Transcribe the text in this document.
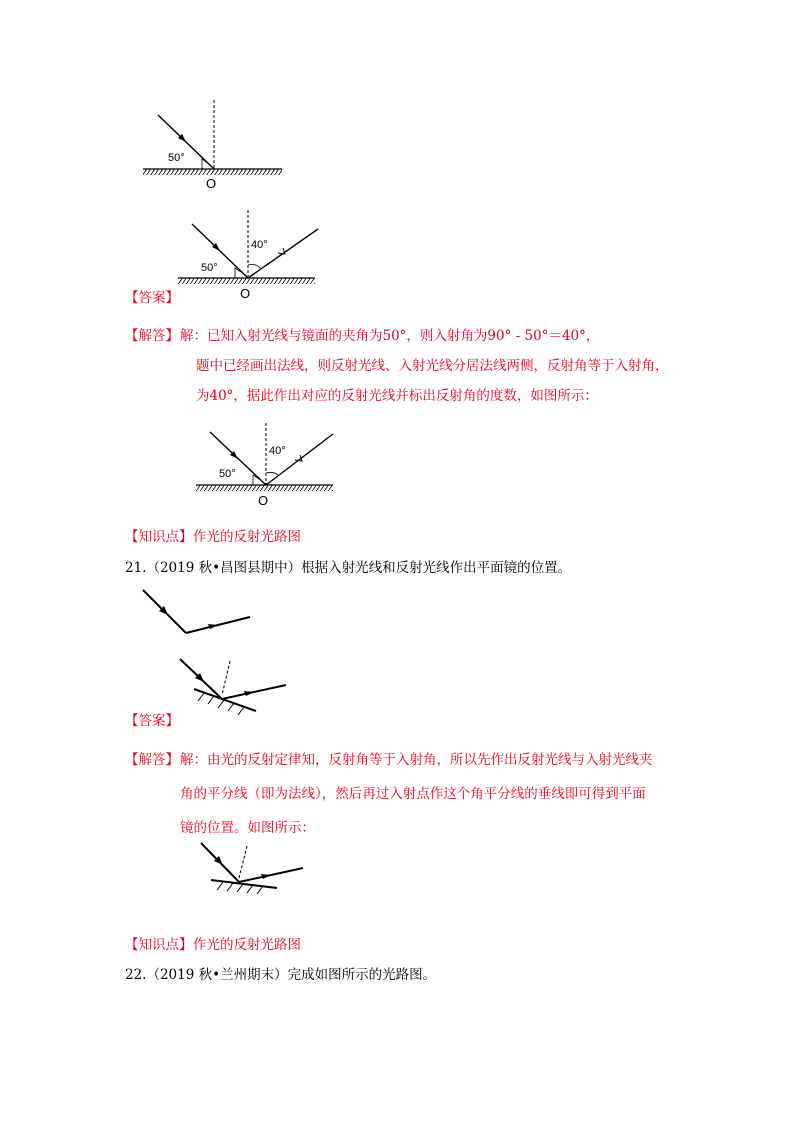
50°
O
50°
40°
O
【答案】
【解答】 解：已知入射光线与镜面的夹角为50°，则入射角为90° - 50°＝40°，
题中已经画出法线，则反射光线、入射光线分居法线两侧，反射角等于入射角，
为40°，据此作出对应的反射光线并标出反射角的度数，如图所示：
50°
40°
O
【知识点】 作光的反射光路图
21.（2019 秋•昌图县期中）根据入射光线和反射光线作出平面镜的位置。
【答案】
【解答】 解：由光的反射定律知，反射角等于入射角，所以先作出反射光线与入射光线夹
角的平分线（即为法线），然后再过入射点作这个角平分线的垂线即可得到平面
镜的位置。如图所示：
【知识点】 作光的反射光路图
22.（2019 秋•兰州期末）完成如图所示的光路图。
